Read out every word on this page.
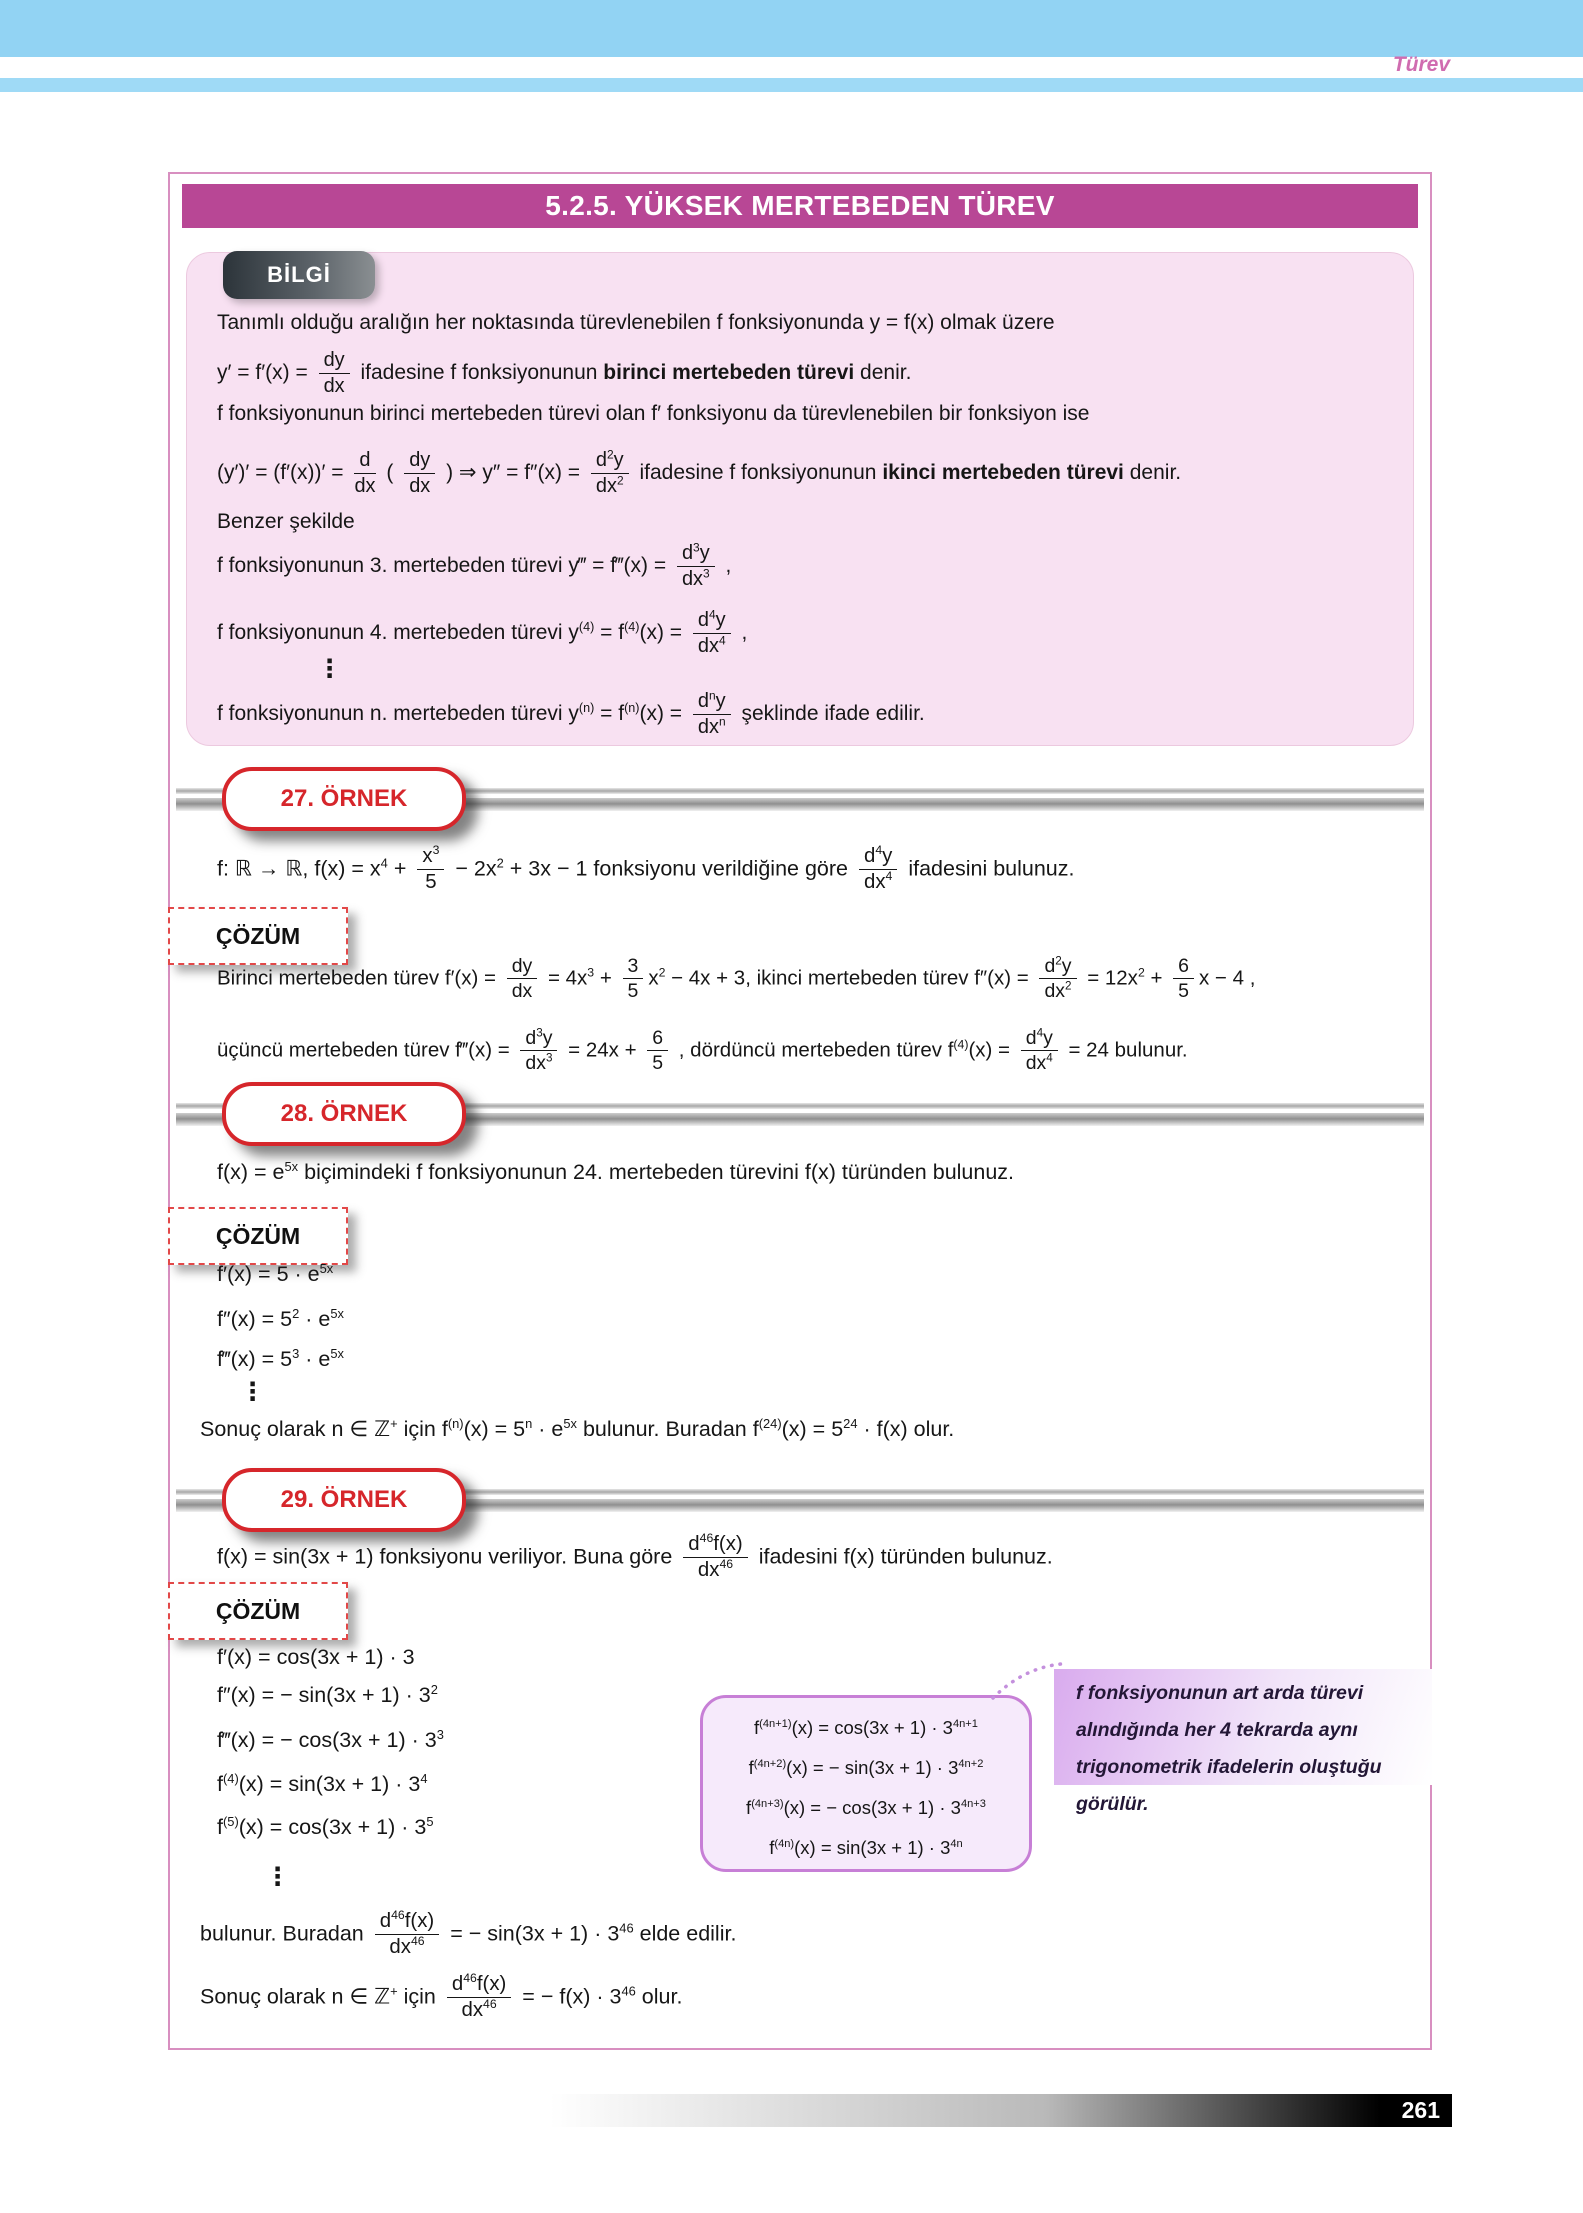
Türev
5.2.5. YÜKSEK MERTEBEDEN TÜREV
BİLGİ
Tanımlı olduğu aralığın her noktasında türevlenebilen f fonksiyonunda y = f(x) olmak üzere
$y' = f'(x) = \frac{dy}{dx}$ ifadesine f fonksiyonunun birinci mertebeden türevi denir.
f fonksiyonunun birinci mertebeden türevi olan f′ fonksiyonu da türevlenebilen bir fonksiyon ise
$(y')' = (f'(x))' = \frac{d}{dx}$ ( $\frac{dy}{dx}$ ) ⇒ $y'' = f''(x) = \frac{d^2y}{dx^2}$ ifadesine f fonksiyonunun ikinci mertebeden türevi denir.
Benzer şekilde
f fonksiyonunun 3. mertebeden türevi y‴ = f‴(x) = $\frac{d^3y}{dx^3}$ ,
f fonksiyonunun 4. mertebeden türevi $y^{(4)} = f^{(4)}(x) = \frac{d^4y}{dx^4}$ ,
⋮
f fonksiyonunun n. mertebeden türevi $y^{(n)} = f^{(n)}(x) = \frac{d^ny}{dx^n}$ şeklinde ifade edilir.
27. ÖRNEK
f: ℝ → ℝ, $f(x) = x^4 + \frac{x^3}{5} - 2x^2 + 3x - 1$ fonksiyonu verildiğine göre $\frac{d^4y}{dx^4}$ ifadesini bulunuz.
ÇÖZÜM
Birinci mertebeden türev $f'(x) = \frac{dy}{dx} = 4x^3 + \frac{3}{5} x^2 - 4x + 3$, ikinci mertebeden türev $f''(x) = \frac{d^2y}{dx^2} = 12x^2 + \frac{6}{5}$ x − 4 ,
üçüncü mertebeden türev f‴(x) = $\frac{d^3y}{dx^3} = 24x + \frac{6}{5}$ , dördüncü mertebeden türev $f^{(4)}(x) = \frac{d^4y}{dx^4} = 24$ bulunur.
28. ÖRNEK
$f(x) = e^{5x}$ biçimindeki f fonksiyonunun 24. mertebeden türevini f(x) türünden bulunuz.
ÇÖZÜM
$f'(x) = 5 \cdot e^{5x}$
$f''(x) = 5^2 \cdot e^{5x}$
f‴(x) = $5^3 \cdot e^{5x}$
⋮
Sonuç olarak n ∈ ℤ+ için $f^{(n)}(x) = 5^n \cdot e^{5x}$ bulunur. Buradan $f^{(24)}(x) = 5^{24} \cdot f(x)$ olur.
29. ÖRNEK
f(x) = sin(3x + 1) fonksiyonu veriliyor. Buna göre $\frac{d^{46}f(x)}{dx^{46}}$ ifadesini f(x) türünden bulunuz.
ÇÖZÜM
f′(x) = cos(3x + 1) · 3
f″(x) = − $\sin(3x + 1) \cdot 3^2$
f‴(x) = − $\cos(3x + 1) \cdot 3^3$
$f^{(4)}(x) = \sin(3x + 1) \cdot 3^4$
$f^{(5)}(x) = \cos(3x + 1) \cdot 3^5$
⋮
$f^{(4n+1)}(x) = \cos(3x + 1) \cdot 3^{4n+1}$
$f^{(4n+2)}(x)$ = − $\sin(3x + 1) \cdot 3^{4n+2}$
$f^{(4n+3)}(x)$ = − $\cos(3x + 1) \cdot 3^{4n+3}$
$f^{(4n)}(x) = \sin(3x + 1) \cdot 3^{4n}$
f fonksiyonunun art arda türevi alındığında her 4 tekrarda aynı trigonometrik ifadelerin oluştuğu görülür.
bulunur. Buradan $\frac{d^{46}f(x)}{dx^{46}}$ = − $\sin(3x + 1) \cdot 3^{46}$ elde edilir.
Sonuç olarak n ∈ ℤ+ için $\frac{d^{46}f(x)}{dx^{46}}$ = − $f(x) \cdot 3^{46}$ olur.
261
